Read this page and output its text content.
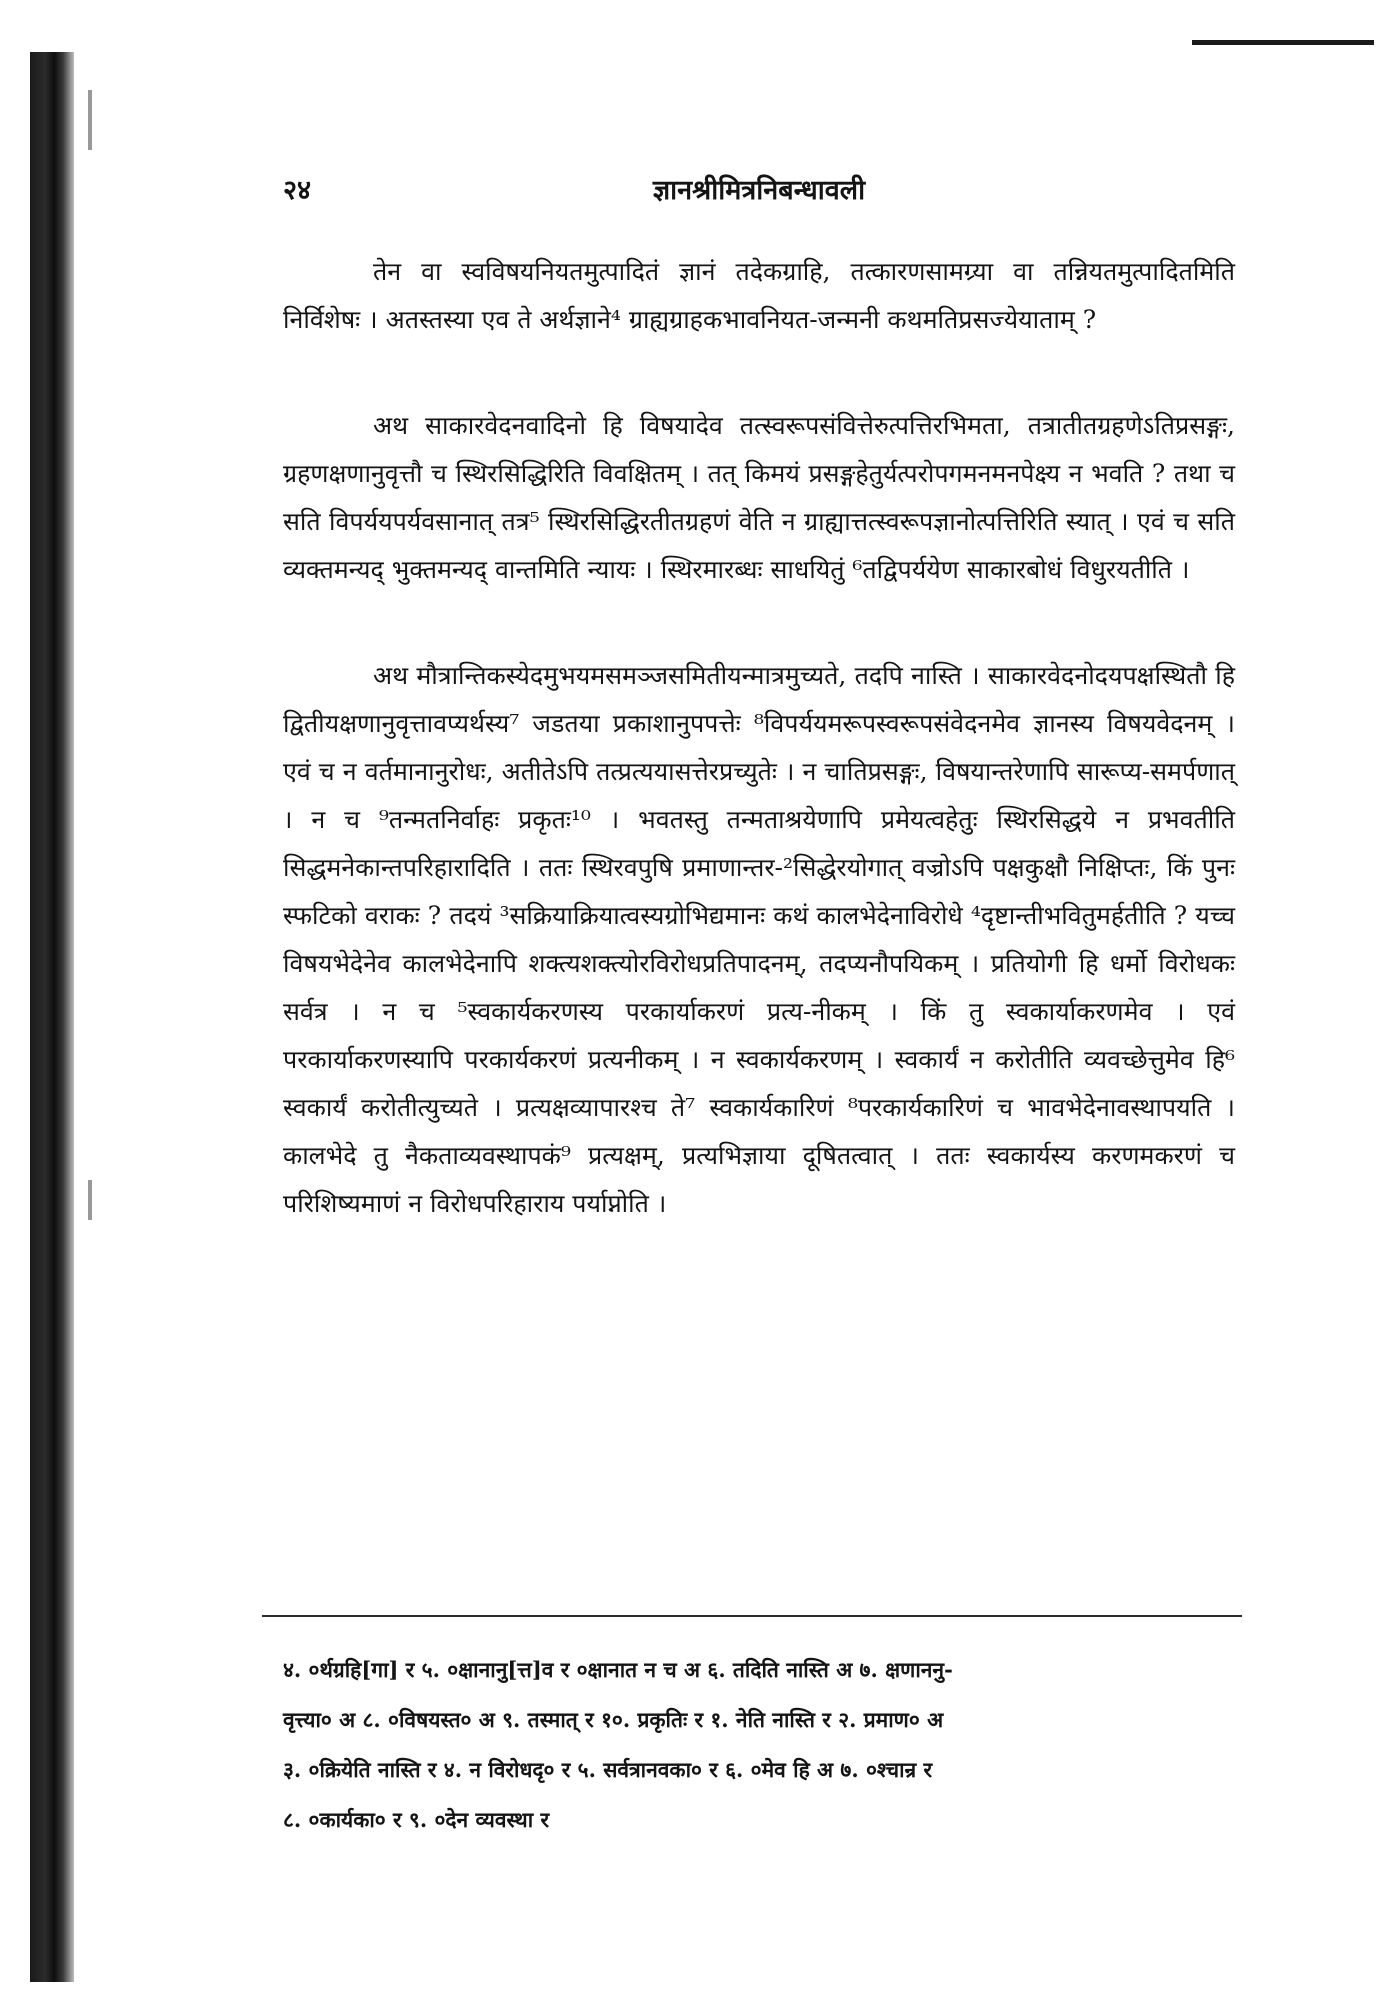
२४	ज्ञानश्रीमित्रनिबन्धावली

तेन वा स्वविषयनियतमुत्पादितं ज्ञानं तदेकग्राहि, तत्कारणसामग्र्या वा तन्नियतमुत्पादितमिति निर्विशेषः । अतस्तस्या एव ते अर्थज्ञाने⁴ ग्राह्यग्राहकभावनियत-जन्मनी कथमतिप्रसज्येयाताम् ?

अथ साकारवेदनवादिनो हि विषयादेव तत्स्वरूपसंवित्तेरुत्पत्तिरभिमता, तत्रातीतग्रहणेऽतिप्रसङ्गः, ग्रहणक्षणानुवृत्तौ च स्थिरसिद्धिरिति विवक्षितम् । तत् किमयं प्रसङ्गहेतुर्यत्परोपगमनमनपेक्ष्य न भवति ? तथा च सति विपर्ययपर्यवसानात् तत्र⁵ स्थिरसिद्धिरतीतग्रहणं वेति न ग्राह्यात्तत्स्वरूपज्ञानोत्पत्तिरिति स्यात् । एवं च सति व्यक्तमन्यद् भुक्तमन्यद् वान्तमिति न्यायः । स्थिरमारब्धः साधयितुं ⁶तद्विपर्ययेण साकारबोधं विधुरयतीति ।

अथ मौत्रान्तिकस्येदमुभयमसमञ्जसमितीयन्मात्रमुच्यते, तदपि नास्ति । साकारवेदनोदयपक्षस्थितौ हि द्वितीयक्षणानुवृत्तावप्यर्थस्य⁷ जडतया प्रकाशानुपपत्तेः ⁸विपर्ययमरूपस्वरूपसंवेदनमेव ज्ञानस्य विषयवेदनम् । एवं च न वर्तमानानुरोधः, अतीतेऽपि तत्प्रत्ययासत्तेरप्रच्युतेः । न चातिप्रसङ्गः, विषयान्तरेणापि सारूप्य-समर्पणात् । न च ⁹तन्मतनिर्वाहः प्रकृतः¹⁰ । भवतस्तु तन्मताश्रयेणापि प्रमेयत्वहेतुः स्थिरसिद्धये न प्रभवतीति सिद्धमनेकान्तपरिहारादिति । ततः स्थिरवपुषि प्रमाणान्तर-²सिद्धेरयोगात् वज्रोऽपि पक्षकुक्षौ निक्षिप्तः, किं पुनः स्फटिको वराकः ? तदयं ³सक्रियाक्रियात्वस्यग्रोभिद्यमानः कथं कालभेदेनाविरोधे ⁴दृष्टान्तीभवितुमर्हतीति ? यच्च विषयभेदेनेव कालभेदेनापि शक्त्यशक्त्योरविरोधप्रतिपादनम्, तदप्यनौपयिकम् । प्रतियोगी हि धर्मो विरोधकः सर्वत्र । न च ⁵स्वकार्यकरणस्य परकार्याकरणं प्रत्य-नीकम् । किं तु स्वकार्याकरणमेव । एवं परकार्याकरणस्यापि परकार्यकरणं प्रत्यनीकम् । न स्वकार्यकरणम् । स्वकार्यं न करोतीति व्यवच्छेत्तुमेव हि⁶ स्वकार्यं करोतीत्युच्यते । प्रत्यक्षव्यापारश्च ते⁷ स्वकार्यकारिणं ⁸परकार्यकारिणं च भावभेदेनावस्थापयति । कालभेदे तु नैकताव्यवस्थापकं⁹ प्रत्यक्षम्, प्रत्यभिज्ञाया दूषितत्वात् । ततः स्वकार्यस्य करणमकरणं च परिशिष्यमाणं न विरोधपरिहाराय पर्याप्नोति ।

४. ०र्थग्रहि[गा] र ५. ०क्षानानु[त्त]व र ०क्षानात न च अ ६. तदिति नास्ति अ ७. क्षणाननु-

वृत्त्या० अ ८. ०विषयस्त० अ ९. तस्मात् र १०. प्रकृतिः र १. नेति नास्ति र २. प्रमाण० अ

३. ०क्रियेति नास्ति र ४. न विरोधदृ० र ५. सर्वत्रानवका० र ६. ०मेव हि अ ७. ०श्चान्र र

८. ०कार्यका० र ९. ०देन व्यवस्था र
